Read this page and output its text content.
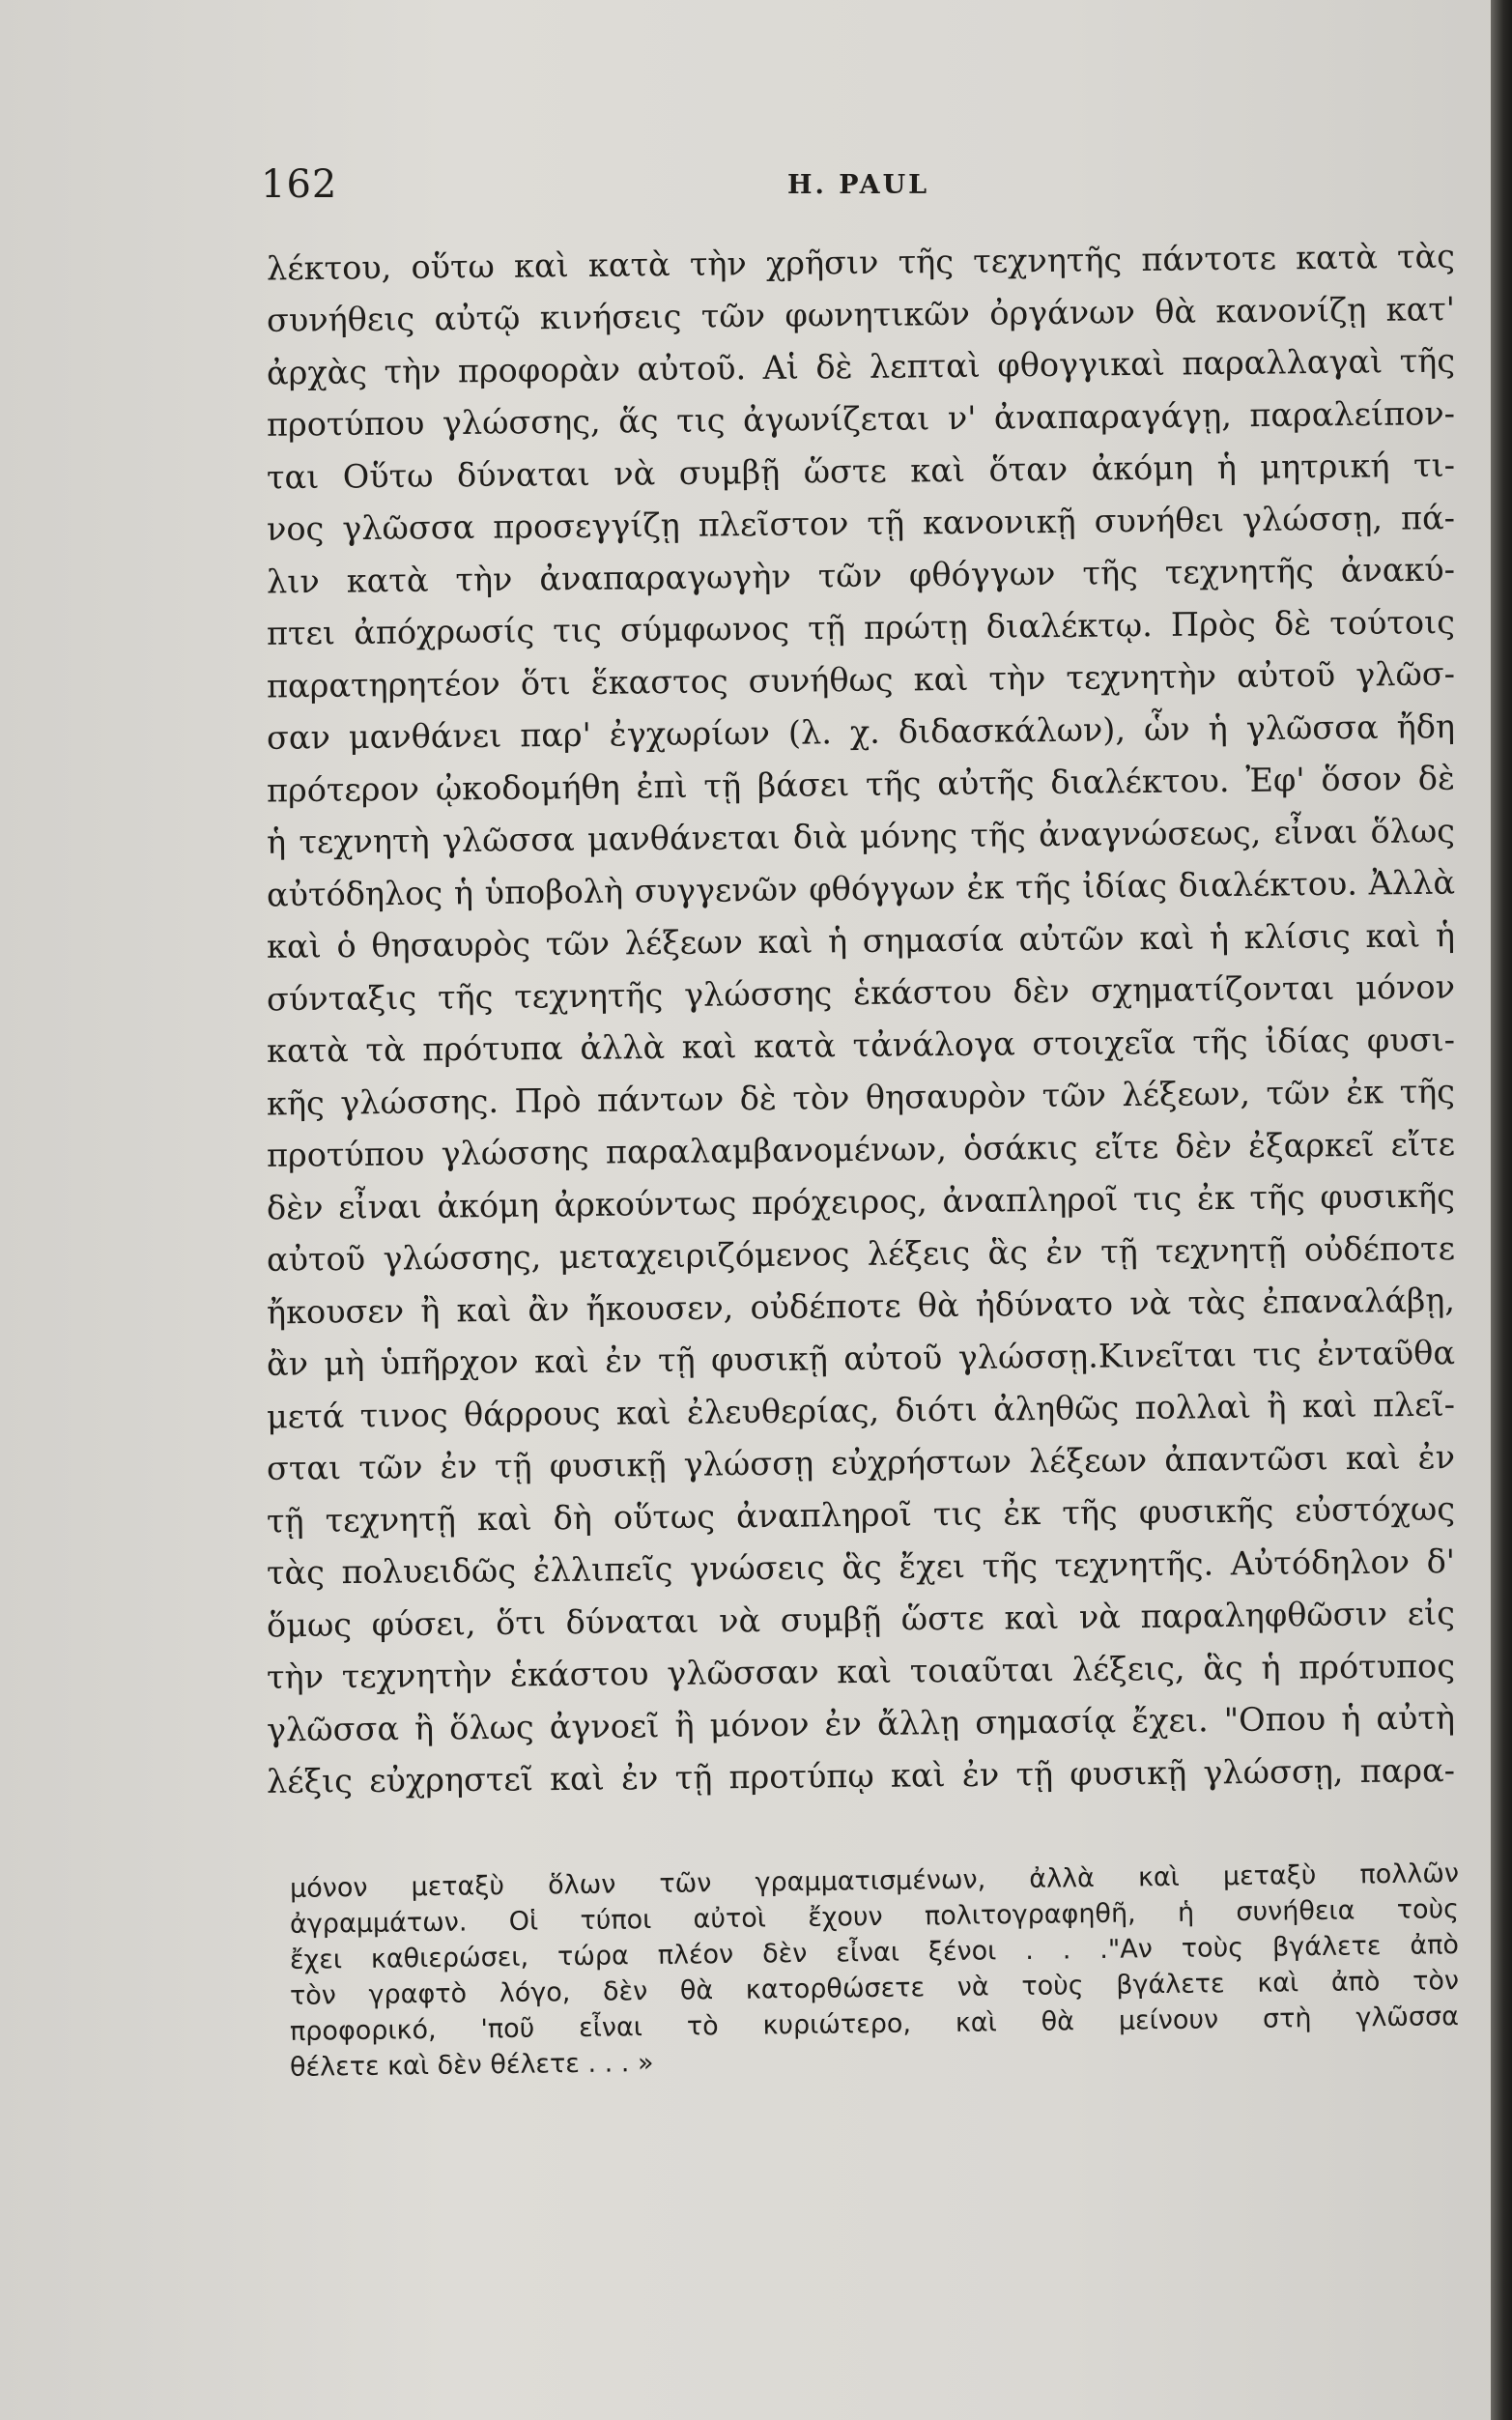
162	H. PAUL
λέκτου, οὕτω καὶ κατὰ τὴν χρῆσιν τῆς τεχνητῆς πάντοτε κατὰ τὰς
συνήθεις αὐτῷ κινήσεις τῶν φωνητικῶν ὀργάνων θὰ κανονίζῃ κατ'
ἀρχὰς τὴν προφορὰν αὐτοῦ. Αἱ δὲ λεπταὶ φθογγικαὶ παραλλαγαὶ τῆς
προτύπου γλώσσης, ἅς τις ἀγωνίζεται ν' ἀναπαραγάγῃ, παραλείπον-
ται Οὕτω δύναται νὰ συμβῇ ὥστε καὶ ὅταν ἀκόμη ἡ μητρική τι-
νος γλῶσσα προσεγγίζῃ πλεῖστον τῇ κανονικῇ συνήθει γλώσσῃ, πά-
λιν κατὰ τὴν ἀναπαραγωγὴν τῶν φθόγγων τῆς τεχνητῆς ἀνακύ-
πτει ἀπόχρωσίς τις σύμφωνος τῇ πρώτῃ διαλέκτῳ. Πρὸς δὲ τούτοις
παρατηρητέον ὅτι ἕκαστος συνήθως καὶ τὴν τεχνητὴν αὐτοῦ γλῶσ-
σαν μανθάνει παρ' ἐγχωρίων (λ. χ. διδασκάλων), ὧν ἡ γλῶσσα ἤδη
πρότερον ᾠκοδομήθη ἐπὶ τῇ βάσει τῆς αὐτῆς διαλέκτου. Ἐφ' ὅσον δὲ
ἡ τεχνητὴ γλῶσσα μανθάνεται διὰ μόνης τῆς ἀναγνώσεως, εἶναι ὅλως
αὐτόδηλος ἡ ὑποβολὴ συγγενῶν φθόγγων ἐκ τῆς ἰδίας διαλέκτου. Ἀλλὰ
καὶ ὁ θησαυρὸς τῶν λέξεων καὶ ἡ σημασία αὐτῶν καὶ ἡ κλίσις καὶ ἡ
σύνταξις τῆς τεχνητῆς γλώσσης ἑκάστου δὲν σχηματίζονται μόνον
κατὰ τὰ πρότυπα ἀλλὰ καὶ κατὰ τἀνάλογα στοιχεῖα τῆς ἰδίας φυσι-
κῆς γλώσσης. Πρὸ πάντων δὲ τὸν θησαυρὸν τῶν λέξεων, τῶν ἐκ τῆς
προτύπου γλώσσης παραλαμβανομένων, ὁσάκις εἴτε δὲν ἐξαρκεῖ εἴτε
δὲν εἶναι ἀκόμη ἀρκούντως πρόχειρος, ἀναπληροῖ τις ἐκ τῆς φυσικῆς
αὐτοῦ γλώσσης, μεταχειριζόμενος λέξεις ἃς ἐν τῇ τεχνητῇ οὐδέποτε
ἤκουσεν ἢ καὶ ἂν ἤκουσεν, οὐδέποτε θὰ ἠδύνατο νὰ τὰς ἐπαναλάβῃ,
ἂν μὴ ὑπῆρχον καὶ ἐν τῇ φυσικῇ αὐτοῦ γλώσσῃ.Κινεῖται τις ἐνταῦθα
μετά τινος θάρρους καὶ ἐλευθερίας, διότι ἀληθῶς πολλαὶ ἢ καὶ πλεῖ-
σται τῶν ἐν τῇ φυσικῇ γλώσσῃ εὐχρήστων λέξεων ἀπαντῶσι καὶ ἐν
τῇ τεχνητῇ καὶ δὴ οὕτως ἀναπληροῖ τις ἐκ τῆς φυσικῆς εὐστόχως
τὰς πολυειδῶς ἐλλιπεῖς γνώσεις ἃς ἔχει τῆς τεχνητῆς. Αὐτόδηλον δ'
ὅμως φύσει, ὅτι δύναται νὰ συμβῇ ὥστε καὶ νὰ παραληφθῶσιν εἰς
τὴν τεχνητὴν ἑκάστου γλῶσσαν καὶ τοιαῦται λέξεις, ἃς ἡ πρότυπος
γλῶσσα ἢ ὅλως ἀγνοεῖ ἢ μόνον ἐν ἄλλῃ σημασίᾳ ἔχει. "Οπου ἡ αὐτὴ
λέξις εὐχρηστεῖ καὶ ἐν τῇ προτύπῳ καὶ ἐν τῇ φυσικῇ γλώσσῃ, παρα-
μόνον μεταξὺ ὅλων τῶν γραμματισμένων, ἀλλὰ καὶ μεταξὺ πολλῶν
ἀγραμμάτων. Οἱ τύποι αὐτοὶ ἔχουν πολιτογραφηθῆ, ἡ συνήθεια τοὺς
ἔχει καθιερώσει, τώρα πλέον δὲν εἶναι ξένοι . . ."Αν τοὺς βγάλετε ἀπὸ
τὸν γραφτὸ λόγο, δὲν θὰ κατορθώσετε νὰ τοὺς βγάλετε καὶ ἀπὸ τὸν
προφορικό, 'ποῦ εἶναι τὸ κυριώτερο, καὶ θὰ μείνουν στὴ γλῶσσα
θέλετε καὶ δὲν θέλετε . . . »
